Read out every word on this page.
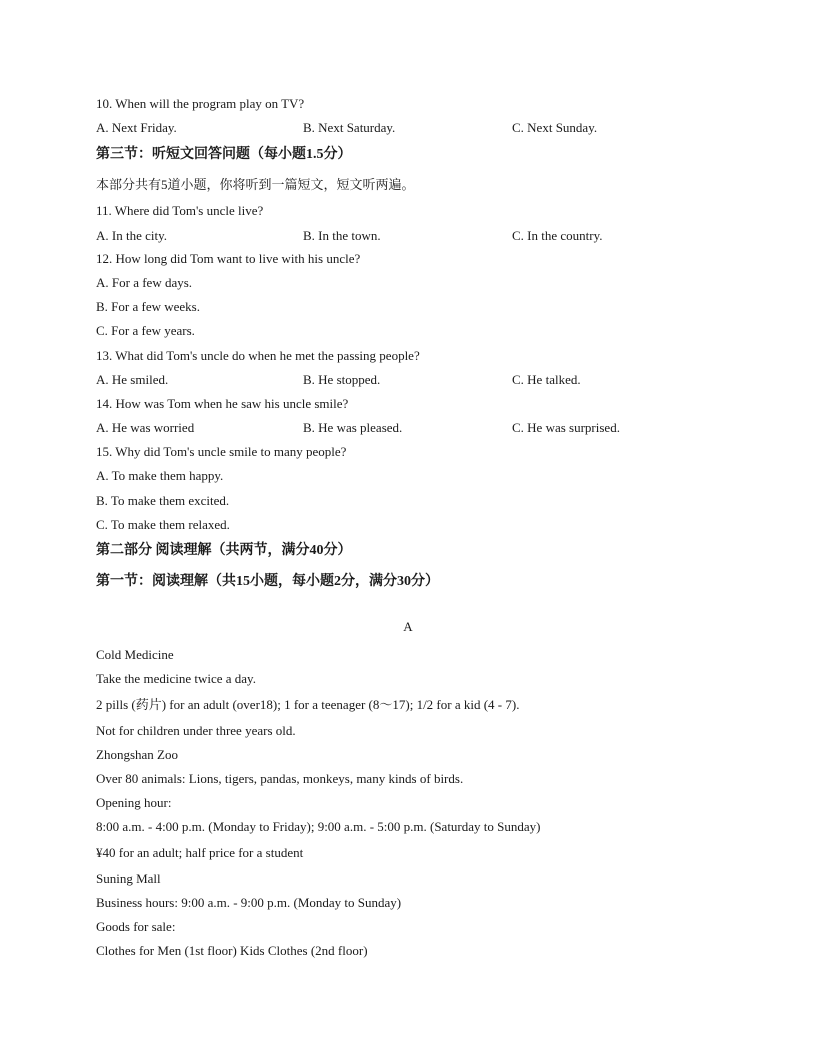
10. When will the program play on TV?
A. Next Friday.	B. Next Saturday.	C. Next Sunday.
第三节：听短文回答问题（每小题1.5分）
本部分共有5道小题，你将听到一篇短文，短文听两遍。
11. Where did Tom's uncle live?
A. In the city.	B. In the town.	C. In the country.
12. How long did Tom want to live with his uncle?
A. For a few days.
B. For a few weeks.
C. For a few years.
13. What did Tom's uncle do when he met the passing people?
A. He smiled.	B. He stopped.	C. He talked.
14. How was Tom when he saw his uncle smile?
A. He was worried	B. He was pleased.	C. He was surprised.
15. Why did Tom's uncle smile to many people?
A. To make them happy.
B. To make them excited.
C. To make them relaxed.
第二部分 阅读理解（共两节，满分40分）
第一节：阅读理解（共15小题，每小题2分，满分30分）
A
Cold Medicine
Take the medicine twice a day.
2 pills (药片) for an adult (over18); 1 for a teenager (8～17); 1/2 for a kid (4 - 7).
Not for children under three years old.
Zhongshan Zoo
Over 80 animals: Lions, tigers, pandas, monkeys, many kinds of birds.
Opening hour:
8:00 a.m. - 4:00 p.m. (Monday to Friday); 9:00 a.m. - 5:00 p.m. (Saturday to Sunday)
¥40 for an adult; half price for a student
Suning Mall
Business hours: 9:00 a.m. - 9:00 p.m. (Monday to Sunday)
Goods for sale:
Clothes for Men (1st floor) Kids Clothes (2nd floor)
